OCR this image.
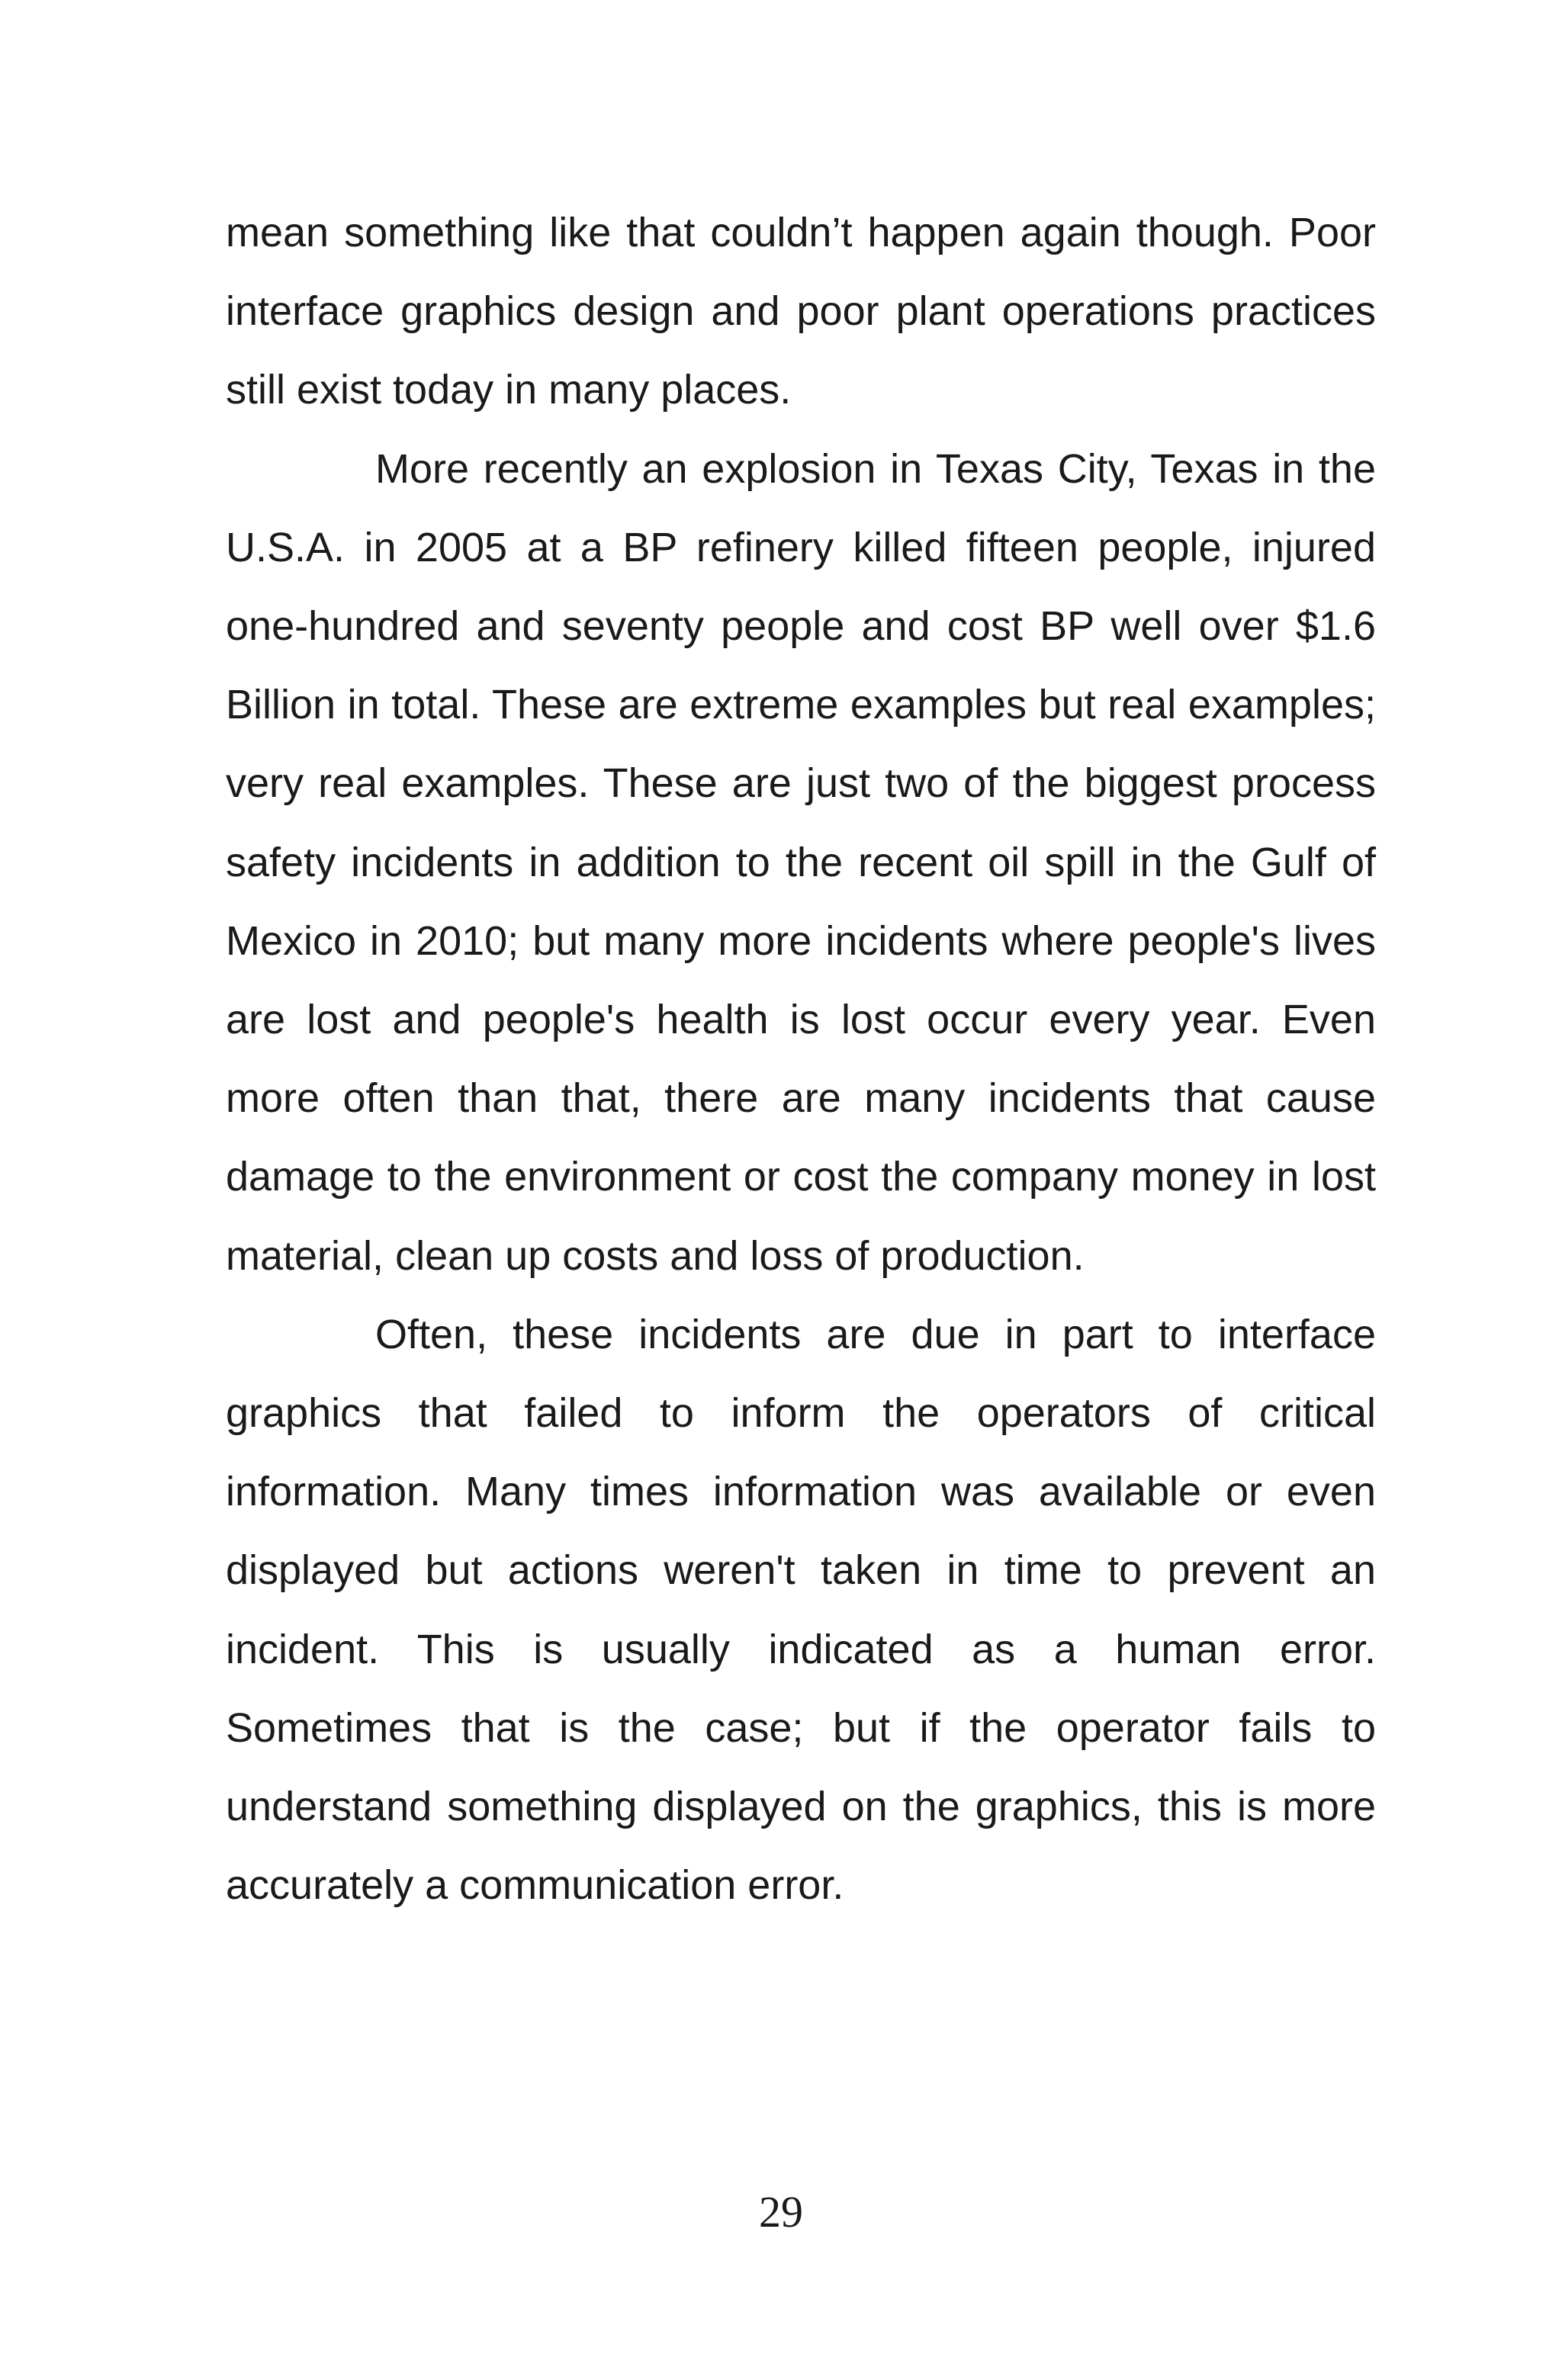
mean something like that couldn’t happen again though. Poor interface graphics design and poor plant operations practices still exist today in many places.

More recently an explosion in Texas City, Texas in the U.S.A. in 2005 at a BP refinery killed fifteen people, injured one-hundred and seventy people and cost BP well over $1.6 Billion in total. These are extreme examples but real examples; very real examples. These are just two of the biggest process safety incidents in addition to the recent oil spill in the Gulf of Mexico in 2010; but many more incidents where people's lives are lost and people's health is lost occur every year. Even more often than that, there are many incidents that cause damage to the environment or cost the company money in lost material, clean up costs and loss of production.

Often, these incidents are due in part to interface graphics that failed to inform the operators of critical information. Many times information was available or even displayed but actions weren't taken in time to prevent an incident. This is usually indicated as a human error. Sometimes that is the case; but if the operator fails to understand something displayed on the graphics, this is more accurately a communication error.

29
